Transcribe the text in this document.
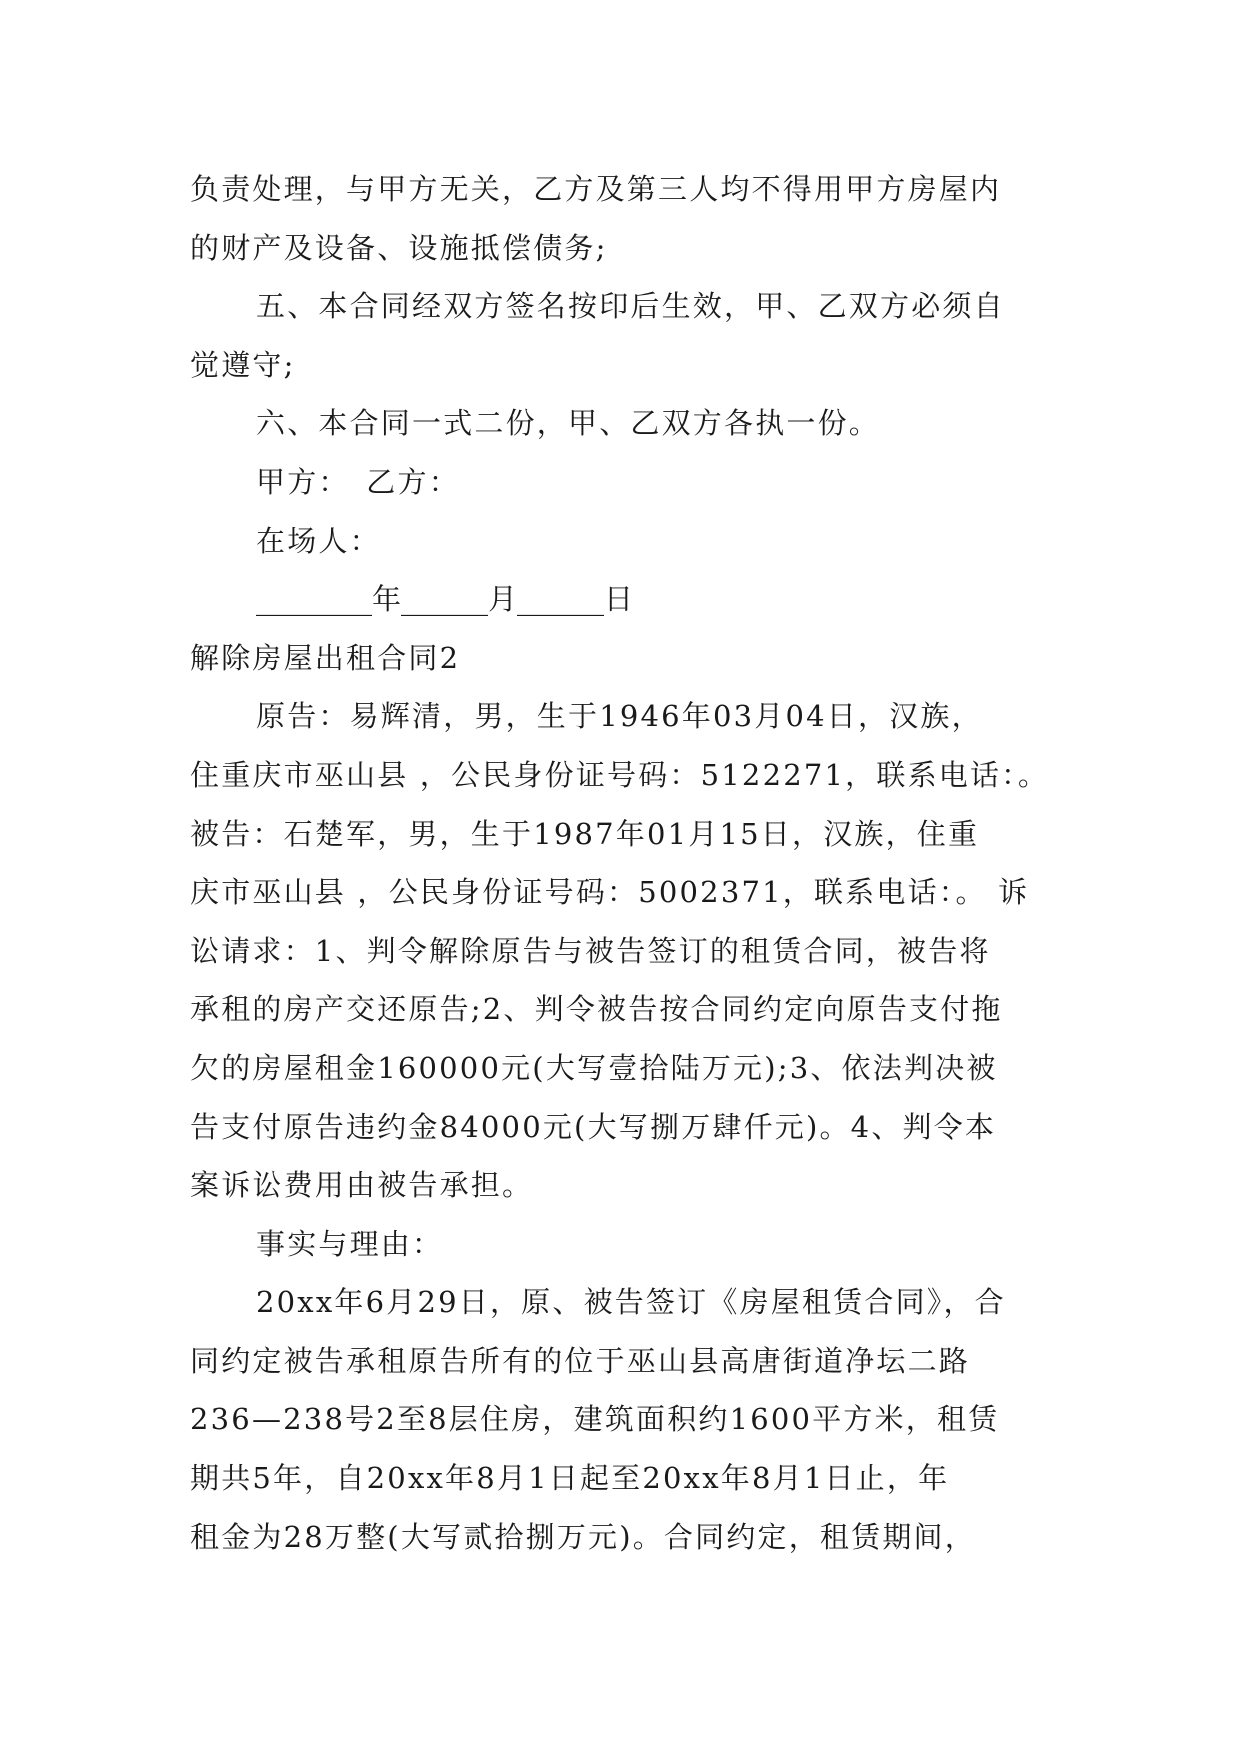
负责处理，与甲方无关，乙方及第三人均不得用甲方房屋内
的财产及设备、设施抵偿债务;
五、本合同经双方签名按印后生效，甲、乙双方必须自
觉遵守;
六、本合同一式二份，甲、乙双方各执一份。
甲方：　乙方：
在场人：
________年______月______日
解除房屋出租合同2
原告：易辉清，男，生于1946年03月04日，汉族，
住重庆市巫山县 ，公民身份证号码：5122271，联系电话：。
被告：石楚军，男，生于1987年01月15日，汉族，住重
庆市巫山县 ，公民身份证号码：5002371，联系电话：。 诉
讼请求：1、判令解除原告与被告签订的租赁合同，被告将
承租的房产交还原告;2、判令被告按合同约定向原告支付拖
欠的房屋租金160000元(大写壹拾陆万元);3、依法判决被
告支付原告违约金84000元(大写捌万肆仟元)。4、判令本
案诉讼费用由被告承担。
事实与理由：
20xx年6月29日，原、被告签订《房屋租赁合同》，合
同约定被告承租原告所有的位于巫山县高唐街道净坛二路
236—238号2至8层住房，建筑面积约1600平方米，租赁
期共5年，自20xx年8月1日起至20xx年8月1日止，年
租金为28万整(大写贰拾捌万元)。合同约定，租赁期间，
